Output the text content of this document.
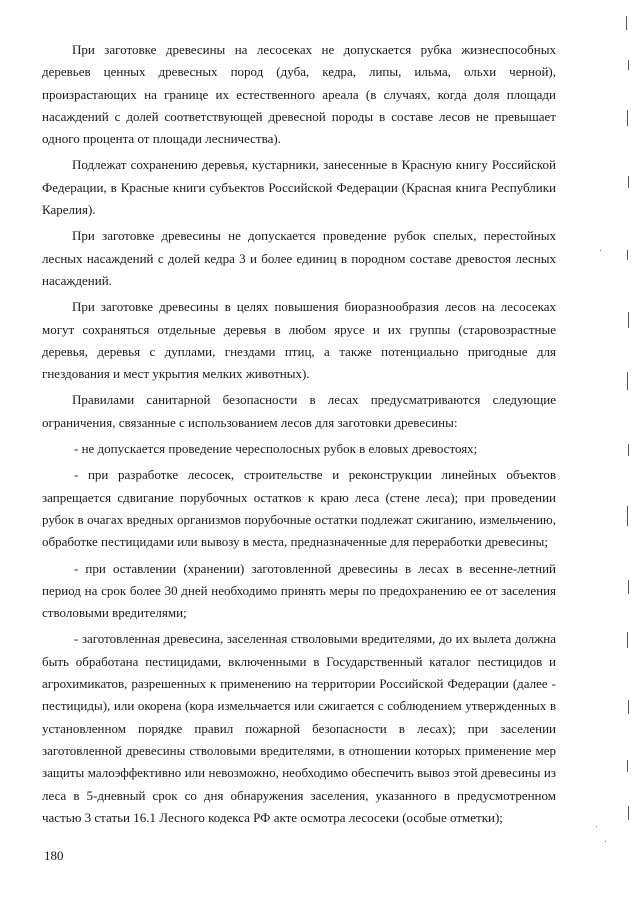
При заготовке древесины на лесосеках не допускается рубка жизнеспособных деревьев ценных древесных пород (дуба, кедра, липы, ильма, ольхи черной), произрастающих на границе их естественного ареала (в случаях, когда доля площади насаждений с долей соответствующей древесной породы в составе лесов не превышает одного процента от площади лесничества).

Подлежат сохранению деревья, кустарники, занесенные в Красную книгу Российской Федерации, в Красные книги субъектов Российской Федерации (Красная книга Республики Карелия).

При заготовке древесины не допускается проведение рубок спелых, перестойных лесных насаждений с долей кедра 3 и более единиц в породном составе древостоя лесных насаждений.

При заготовке древесины в целях повышения биоразнообразия лесов на лесосеках могут сохраняться отдельные деревья в любом ярусе и их группы (старовозрастные деревья, деревья с дуплами, гнездами птиц, а также потенциально пригодные для гнездования и мест укрытия мелких животных).

Правилами санитарной безопасности в лесах предусматриваются следующие ограничения, связанные с использованием лесов для заготовки древесины:

- не допускается проведение чересполосных рубок в еловых древостоях;

- при разработке лесосек, строительстве и реконструкции линейных объектов запрещается сдвигание порубочных остатков к краю леса (стене леса); при проведении рубок в очагах вредных организмов порубочные остатки подлежат сжиганию, измельчению, обработке пестицидами или вывозу в места, предназначенные для переработки древесины;

- при оставлении (хранении) заготовленной древесины в лесах в весенне-летний период на срок более 30 дней необходимо принять меры по предохранению ее от заселения стволовыми вредителями;

- заготовленная древесина, заселенная стволовыми вредителями, до их вылета должна быть обработана пестицидами, включенными в Государственный каталог пестицидов и агрохимикатов, разрешенных к применению на территории Российской Федерации (далее - пестициды), или окорена (кора измельчается или сжигается с соблюдением утвержденных в установленном порядке правил пожарной безопасности в лесах); при заселении заготовленной древесины стволовыми вредителями, в отношении которых применение мер защиты малоэффективно или невозможно, необходимо обеспечить вывоз этой древесины из леса в 5-дневный срок со дня обнаружения заселения, указанного в предусмотренном частью 3 статьи 16.1 Лесного кодекса РФ акте осмотра лесосеки (особые отметки);

180
